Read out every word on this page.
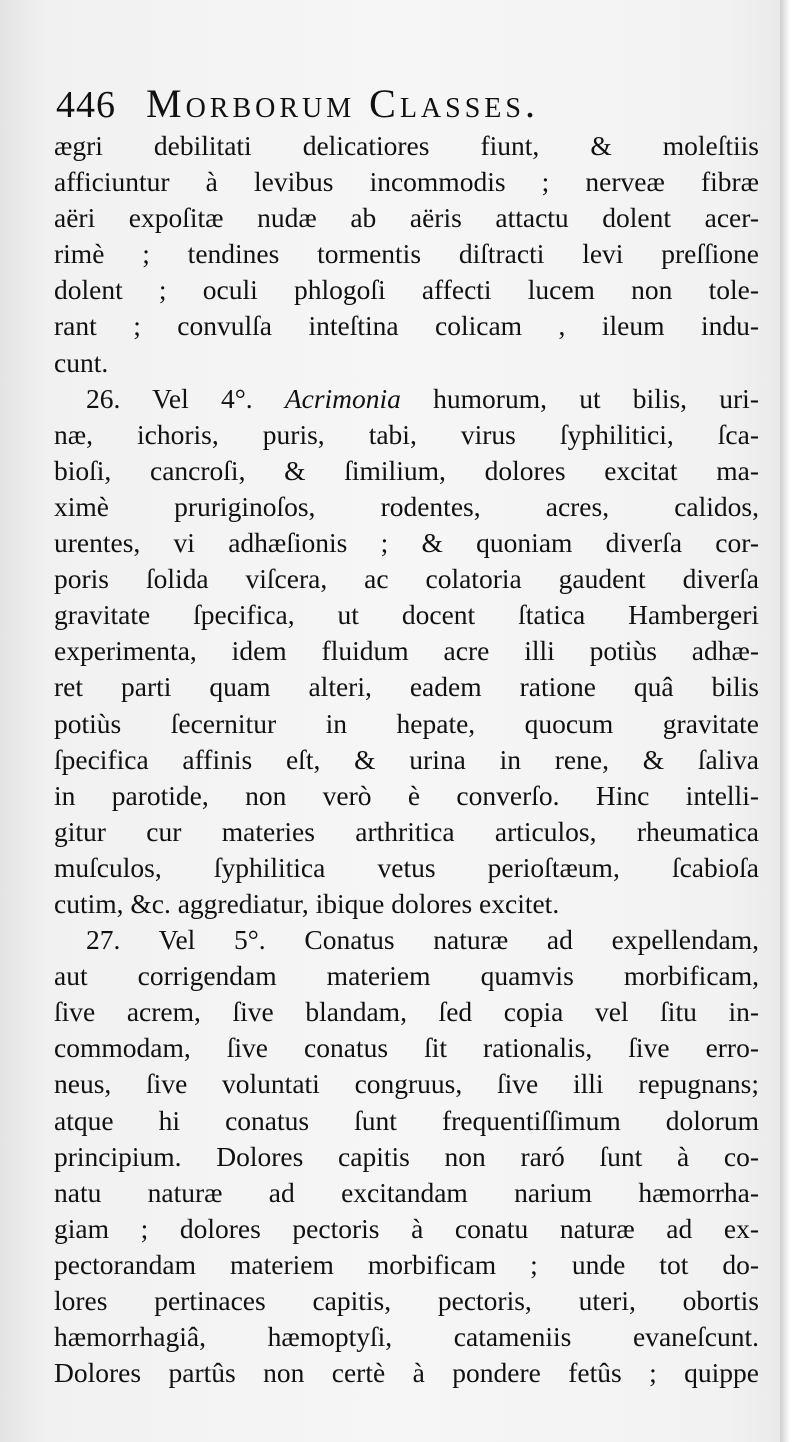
446 Morborum Classes.
ægri debilitati delicatiores fiunt, & moleſtiis
afficiuntur à levibus incommodis ; nerveæ fibræ
aëri expoſitæ nudæ ab aëris attactu dolent acer-
rimè ; tendines tormentis diſtracti levi preſſione
dolent ; oculi phlogoſi affecti lucem non tole-
rant ; convulſa inteſtina colicam , ileum indu-
cunt.
26. Vel 4°. Acrimonia humorum, ut bilis, uri-
næ, ichoris, puris, tabi, virus ſyphilitici, ſca-
bioſi, cancroſi, & ſimilium, dolores excitat ma-
ximè pruriginoſos, rodentes, acres, calidos,
urentes, vi adhæſionis ; & quoniam diverſa cor-
poris ſolida viſcera, ac colatoria gaudent diverſa
gravitate ſpecifica, ut docent ſtatica Hambergeri
experimenta, idem fluidum acre illi potiùs adhæ-
ret parti quam alteri, eadem ratione quâ bilis
potiùs ſecernitur in hepate, quocum gravitate
ſpecifica affinis eſt, & urina in rene, & ſaliva
in parotide, non verò è converſo. Hinc intelli-
gitur cur materies arthritica articulos, rheumatica
muſculos, ſyphilitica vetus perioſtæum, ſcabioſa
cutim, &c. aggrediatur, ibique dolores excitet.
27. Vel 5°. Conatus naturæ ad expellendam,
aut corrigendam materiem quamvis morbificam,
ſive acrem, ſive blandam, ſed copia vel ſitu in-
commodam, ſive conatus ſit rationalis, ſive erro-
neus, ſive voluntati congruus, ſive illi repugnans;
atque hi conatus ſunt frequentiſſimum dolorum
principium. Dolores capitis non raró ſunt à co-
natu naturæ ad excitandam narium hæmorrha-
giam ; dolores pectoris à conatu naturæ ad ex-
pectorandam materiem morbificam ; unde tot do-
lores pertinaces capitis, pectoris, uteri, obortis
hæmorrhagiâ, hæmoptyſi, catameniis evaneſcunt.
Dolores partûs non certè à pondere fetûs ; quippe
